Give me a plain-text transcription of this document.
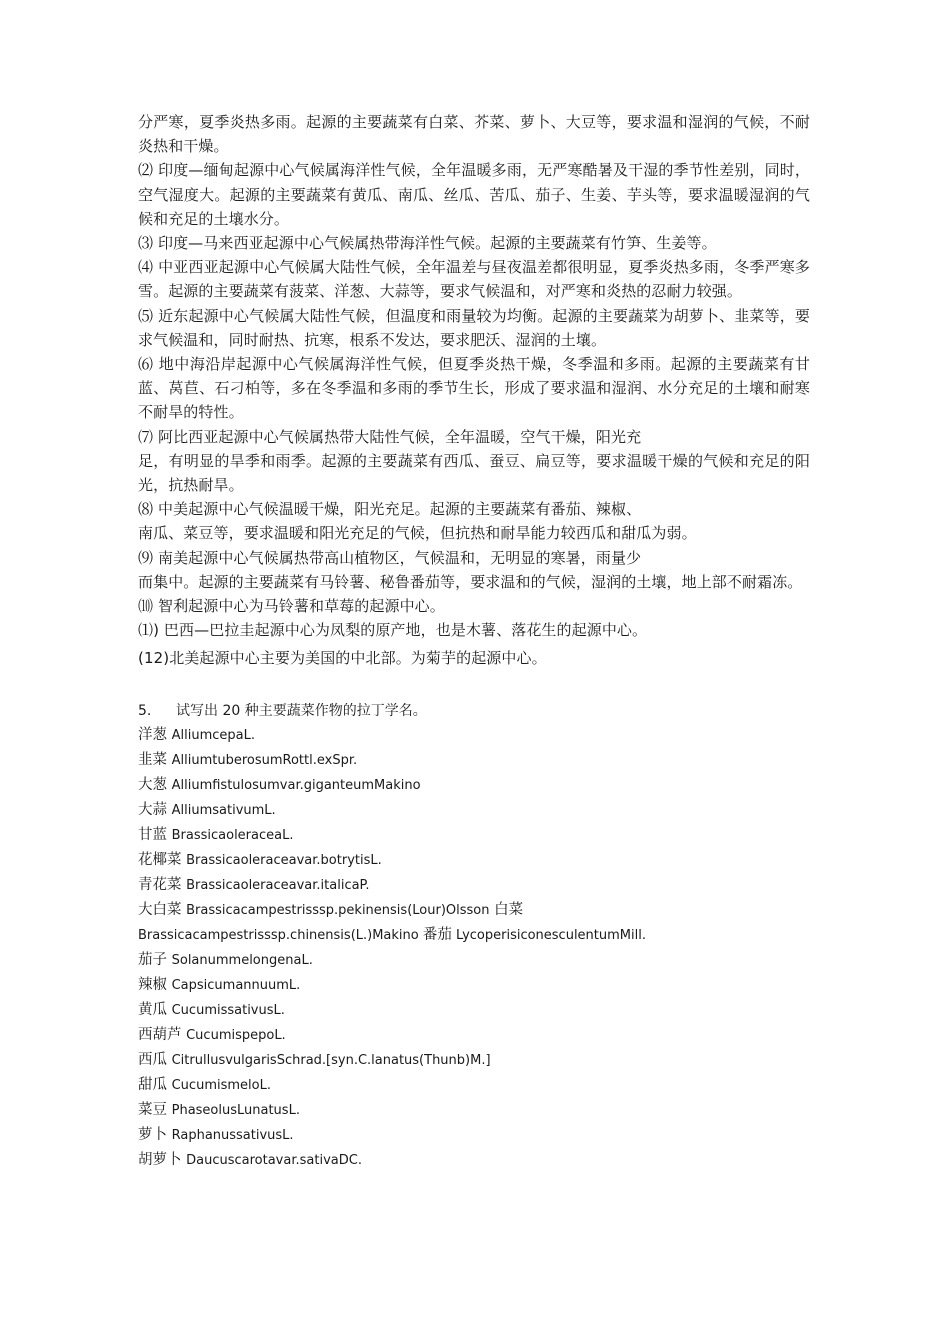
分严寒，夏季炎热多雨。起源的主要蔬菜有白菜、芥菜、萝卜、大豆等，要求温和湿润的气候，不耐炎热和干燥。

⑵ 印度—缅甸起源中心气候属海洋性气候，全年温暖多雨，无严寒酷暑及干湿的季节性差别，同时，空气湿度大。起源的主要蔬菜有黄瓜、南瓜、丝瓜、苦瓜、茄子、生姜、芋头等，要求温暖湿润的气候和充足的土壤水分。

⑶ 印度—马来西亚起源中心气候属热带海洋性气候。起源的主要蔬菜有竹笋、生姜等。

⑷ 中亚西亚起源中心气候属大陆性气候，全年温差与昼夜温差都很明显，夏季炎热多雨，冬季严寒多雪。起源的主要蔬菜有菠菜、洋葱、大蒜等，要求气候温和，对严寒和炎热的忍耐力较强。

⑸ 近东起源中心气候属大陆性气候，但温度和雨量较为均衡。起源的主要蔬菜为胡萝卜、韭菜等，要求气候温和，同时耐热、抗寒，根系不发达，要求肥沃、湿润的土壤。

⑹ 地中海沿岸起源中心气候属海洋性气候，但夏季炎热干燥，冬季温和多雨。起源的主要蔬菜有甘蓝、莴苣、石刁柏等，多在冬季温和多雨的季节生长，形成了要求温和湿润、水分充足的土壤和耐寒不耐旱的特性。

⑺ 阿比西亚起源中心气候属热带大陆性气候，全年温暖，空气干燥，阳光充

足，有明显的旱季和雨季。起源的主要蔬菜有西瓜、蚕豆、扁豆等，要求温暖干燥的气候和充足的阳光，抗热耐旱。

⑻ 中美起源中心气候温暖干燥，阳光充足。起源的主要蔬菜有番茄、辣椒、

南瓜、菜豆等，要求温暖和阳光充足的气候，但抗热和耐旱能力较西瓜和甜瓜为弱。

⑼ 南美起源中心气候属热带高山植物区，气候温和，无明显的寒暑，雨量少

而集中。起源的主要蔬菜有马铃薯、秘鲁番茄等，要求温和的气候，湿润的土壤，地上部不耐霜冻。

⑽ 智利起源中心为马铃薯和草莓的起源中心。

⑴) 巴西—巴拉圭起源中心为凤梨的原产地，也是木薯、落花生的起源中心。

(12)北美起源中心主要为美国的中北部。为菊芋的起源中心。

5. 试写出 20 种主要蔬菜作物的拉丁学名。

洋葱 AlliumcepaL.
韭菜 AlliumtuberosumRottl.exSpr.
大葱 Alliumfistulosumvar.giganteumMakino
大蒜 AlliumsativumL.
甘蓝 BrassicaoleraceaL.
花椰菜 Brassicaoleraceavar.botrytisL.
青花菜 Brassicaoleraceavar.italicaP.
大白菜 Brassicacampestrisssp.pekinensis(Lour)Olsson 白菜

Brassicacampestrisssp.chinensis(L.)Makino 番茄 LycoperisiconesculentumMill.

茄子 SolanummelongenaL.
辣椒 CapsicumannuumL.
黄瓜 CucumissativusL.
西葫芦 CucumispepoL.
西瓜 CitrullusvulgarisSchrad.[syn.C.lanatus(Thunb)M.]
甜瓜 CucumismeloL.
菜豆 PhaseolusLunatusL.
萝卜 RaphanussativusL.
胡萝卜 Daucuscarotavar.sativaDC.
